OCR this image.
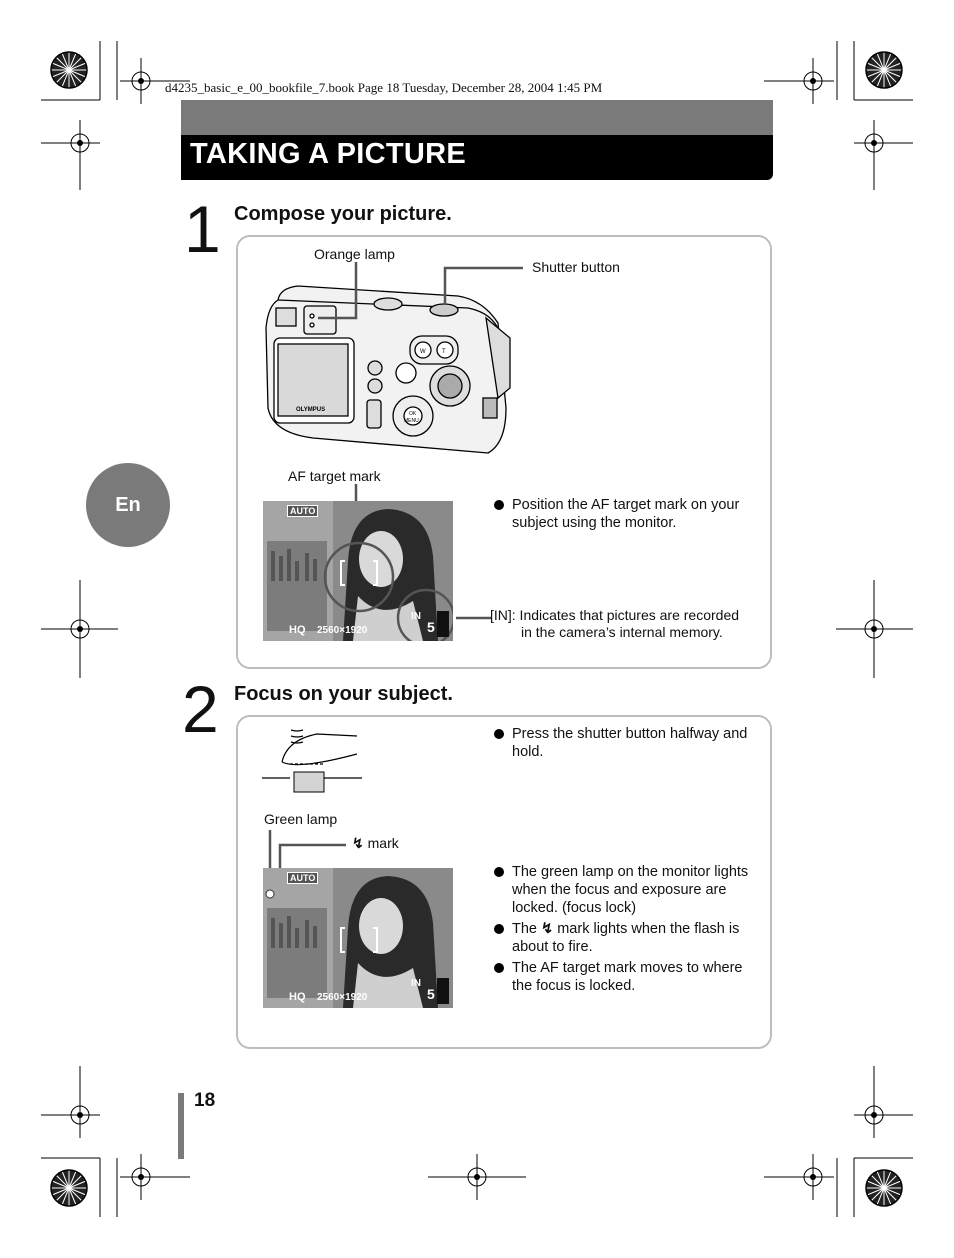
d4235_basic_e_00_bookfile_7.book Page 18 Tuesday, December 28, 2004 1:45 PM
TAKING A PICTURE
En
1 Compose your picture.
Orange lamp
Shutter button
OLYMPUS
OK
MENU
W	T
AF target mark
AUTO
HQ 2560×1920
IN
5
Position the AF target mark on your subject using the monitor.
[IN]: Indicates that pictures are recorded
in the camera’s internal memory.
2 Focus on your subject.
Press the shutter button halfway and hold.
Green lamp
↯ mark
AUTO
HQ 2560×1920
IN
5
The green lamp on the monitor lights when the focus and exposure are locked. (focus lock)
The ↯ mark lights when the flash is about to fire.
The AF target mark moves to where the focus is locked.
18
